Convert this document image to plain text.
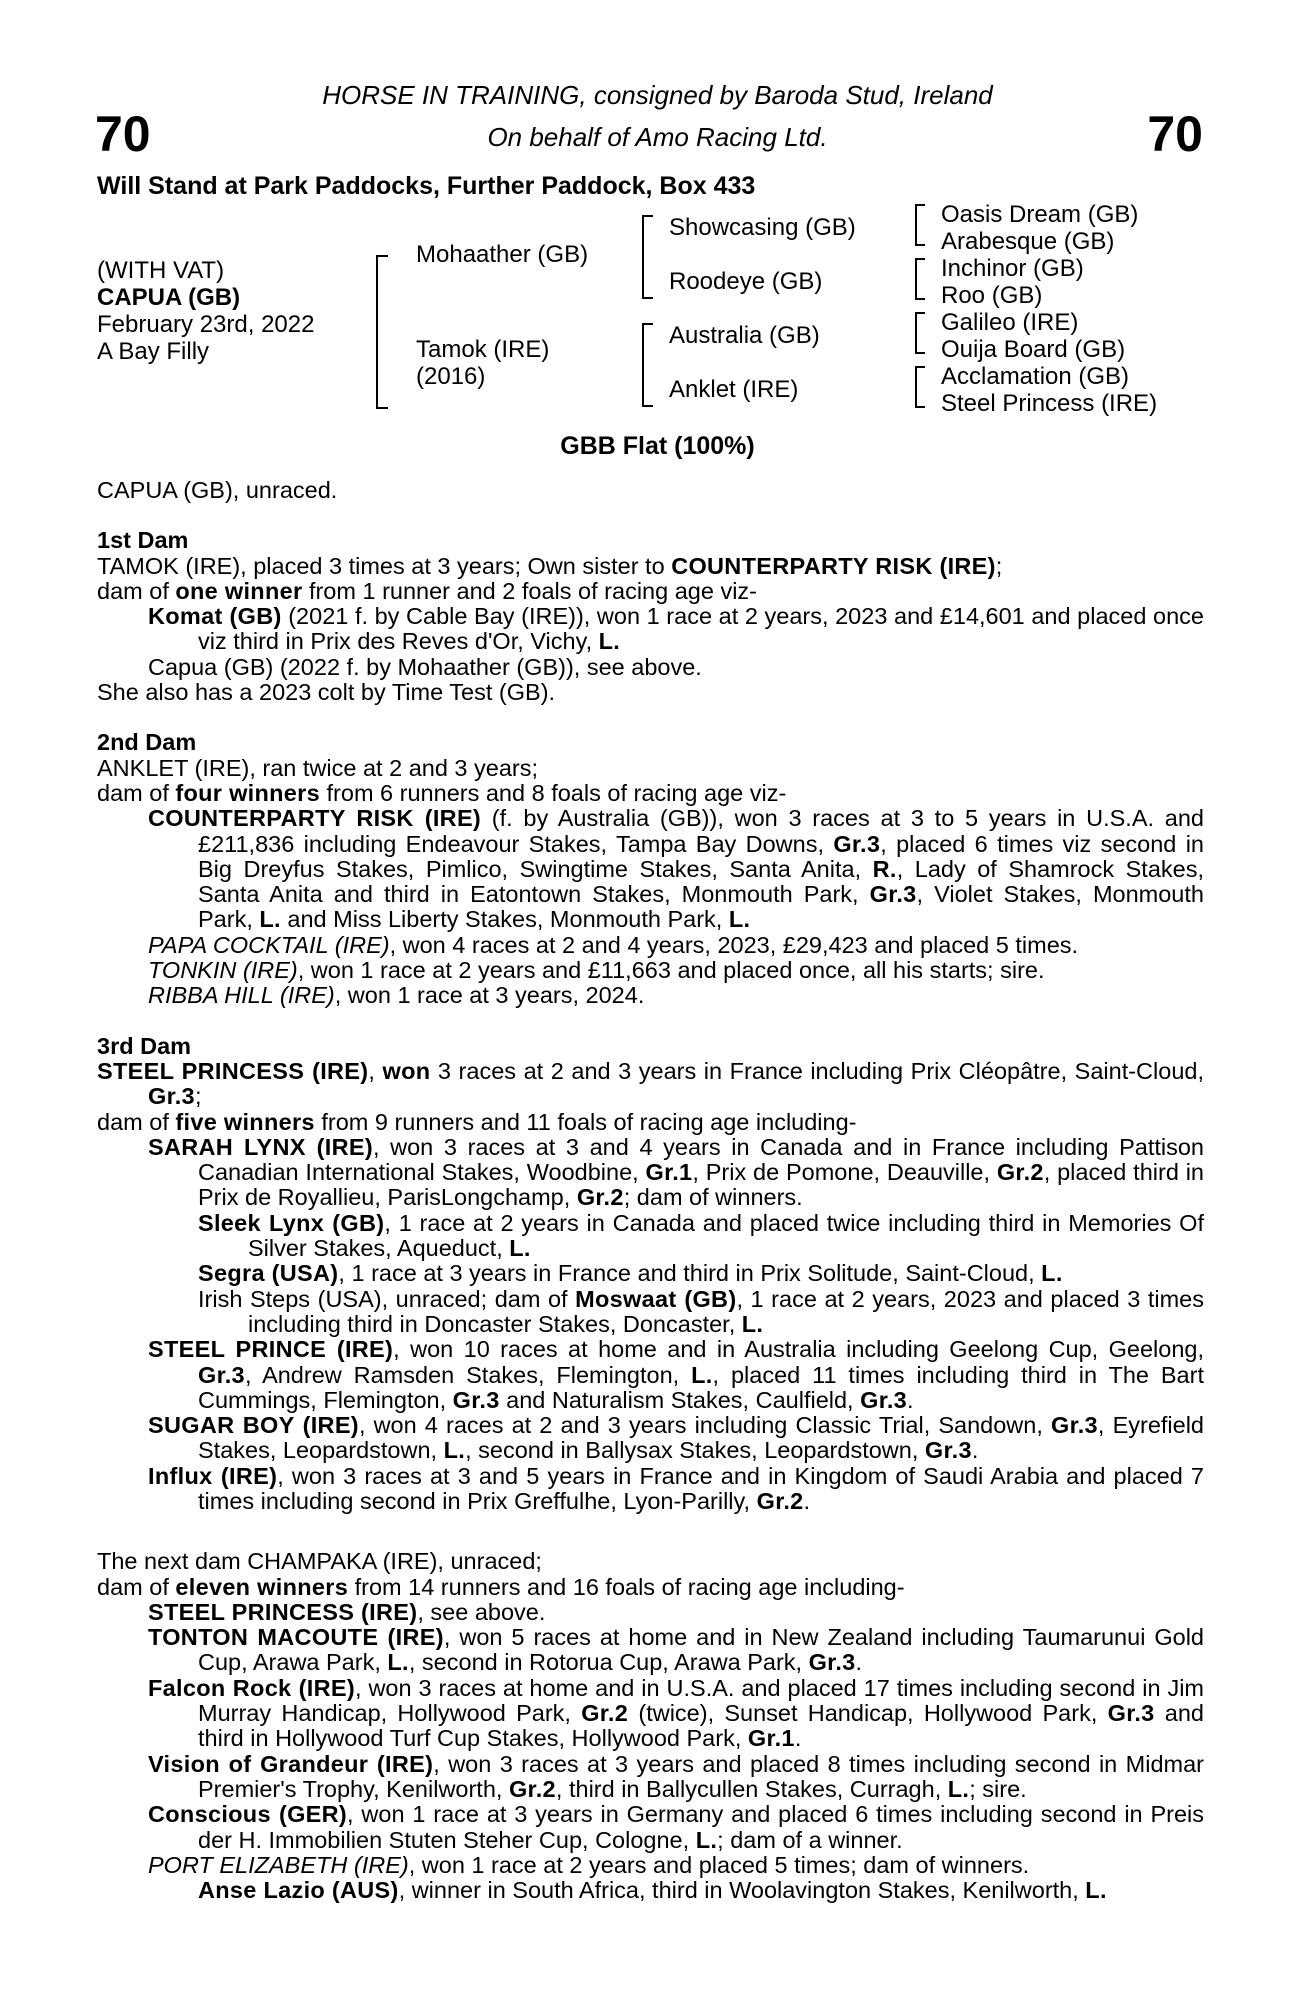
70	70
HORSE IN TRAINING, consigned by Baroda Stud, Ireland
On behalf of Amo Racing Ltd.
Will Stand at Park Paddocks, Further Paddock, Box 433
(WITH VAT)
CAPUA (GB)
February 23rd, 2022
A Bay Filly
Mohaather (GB)
Tamok (IRE)
(2016)
Showcasing (GB)
Roodeye (GB)
Australia (GB)
Anklet (IRE)
Oasis Dream (GB)
Arabesque (GB)
Inchinor (GB)
Roo (GB)
Galileo (IRE)
Ouija Board (GB)
Acclamation (GB)
Steel Princess (IRE)
GBB Flat (100%)

CAPUA (GB), unraced.

1st Dam

TAMOK (IRE), placed 3 times at 3 years; Own sister to COUNTERPARTY RISK (IRE);

dam of one winner from 1 runner and 2 foals of racing age viz-

Komat (GB) (2021 f. by Cable Bay (IRE)), won 1 race at 2 years, 2023 and £14,601 and placed once viz third in Prix des Reves d'Or, Vichy, L.

Capua (GB) (2022 f. by Mohaather (GB)), see above.

She also has a 2023 colt by Time Test (GB).

2nd Dam

ANKLET (IRE), ran twice at 2 and 3 years;

dam of four winners from 6 runners and 8 foals of racing age viz-

COUNTERPARTY RISK (IRE) (f. by Australia (GB)), won 3 races at 3 to 5 years in U.S.A. and £211,836 including Endeavour Stakes, Tampa Bay Downs, Gr.3, placed 6 times viz second in Big Dreyfus Stakes, Pimlico, Swingtime Stakes, Santa Anita, R., Lady of Shamrock Stakes, Santa Anita and third in Eatontown Stakes, Monmouth Park, Gr.3, Violet Stakes, Monmouth Park, L. and Miss Liberty Stakes, Monmouth Park, L.

PAPA COCKTAIL (IRE), won 4 races at 2 and 4 years, 2023, £29,423 and placed 5 times.

TONKIN (IRE), won 1 race at 2 years and £11,663 and placed once, all his starts; sire.

RIBBA HILL (IRE), won 1 race at 3 years, 2024.

3rd Dam

STEEL PRINCESS (IRE), won 3 races at 2 and 3 years in France including Prix Cléopâtre, Saint-Cloud, Gr.3;

dam of five winners from 9 runners and 11 foals of racing age including-

SARAH LYNX (IRE), won 3 races at 3 and 4 years in Canada and in France including Pattison Canadian International Stakes, Woodbine, Gr.1, Prix de Pomone, Deauville, Gr.2, placed third in Prix de Royallieu, ParisLongchamp, Gr.2; dam of winners.

Sleek Lynx (GB), 1 race at 2 years in Canada and placed twice including third in Memories Of Silver Stakes, Aqueduct, L.

Segra (USA), 1 race at 3 years in France and third in Prix Solitude, Saint-Cloud, L.

Irish Steps (USA), unraced; dam of Moswaat (GB), 1 race at 2 years, 2023 and placed 3 times including third in Doncaster Stakes, Doncaster, L.

STEEL PRINCE (IRE), won 10 races at home and in Australia including Geelong Cup, Geelong, Gr.3, Andrew Ramsden Stakes, Flemington, L., placed 11 times including third in The Bart Cummings, Flemington, Gr.3 and Naturalism Stakes, Caulfield, Gr.3.

SUGAR BOY (IRE), won 4 races at 2 and 3 years including Classic Trial, Sandown, Gr.3, Eyrefield Stakes, Leopardstown, L., second in Ballysax Stakes, Leopardstown, Gr.3.

Influx (IRE), won 3 races at 3 and 5 years in France and in Kingdom of Saudi Arabia and placed 7 times including second in Prix Greffulhe, Lyon-Parilly, Gr.2.

The next dam CHAMPAKA (IRE), unraced;

dam of eleven winners from 14 runners and 16 foals of racing age including-

STEEL PRINCESS (IRE), see above.

TONTON MACOUTE (IRE), won 5 races at home and in New Zealand including Taumarunui Gold Cup, Arawa Park, L., second in Rotorua Cup, Arawa Park, Gr.3.

Falcon Rock (IRE), won 3 races at home and in U.S.A. and placed 17 times including second in Jim Murray Handicap, Hollywood Park, Gr.2 (twice), Sunset Handicap, Hollywood Park, Gr.3 and third in Hollywood Turf Cup Stakes, Hollywood Park, Gr.1.

Vision of Grandeur (IRE), won 3 races at 3 years and placed 8 times including second in Midmar Premier's Trophy, Kenilworth, Gr.2, third in Ballycullen Stakes, Curragh, L.; sire.

Conscious (GER), won 1 race at 3 years in Germany and placed 6 times including second in Preis der H. Immobilien Stuten Steher Cup, Cologne, L.; dam of a winner.

PORT ELIZABETH (IRE), won 1 race at 2 years and placed 5 times; dam of winners.

Anse Lazio (AUS), winner in South Africa, third in Woolavington Stakes, Kenilworth, L.
